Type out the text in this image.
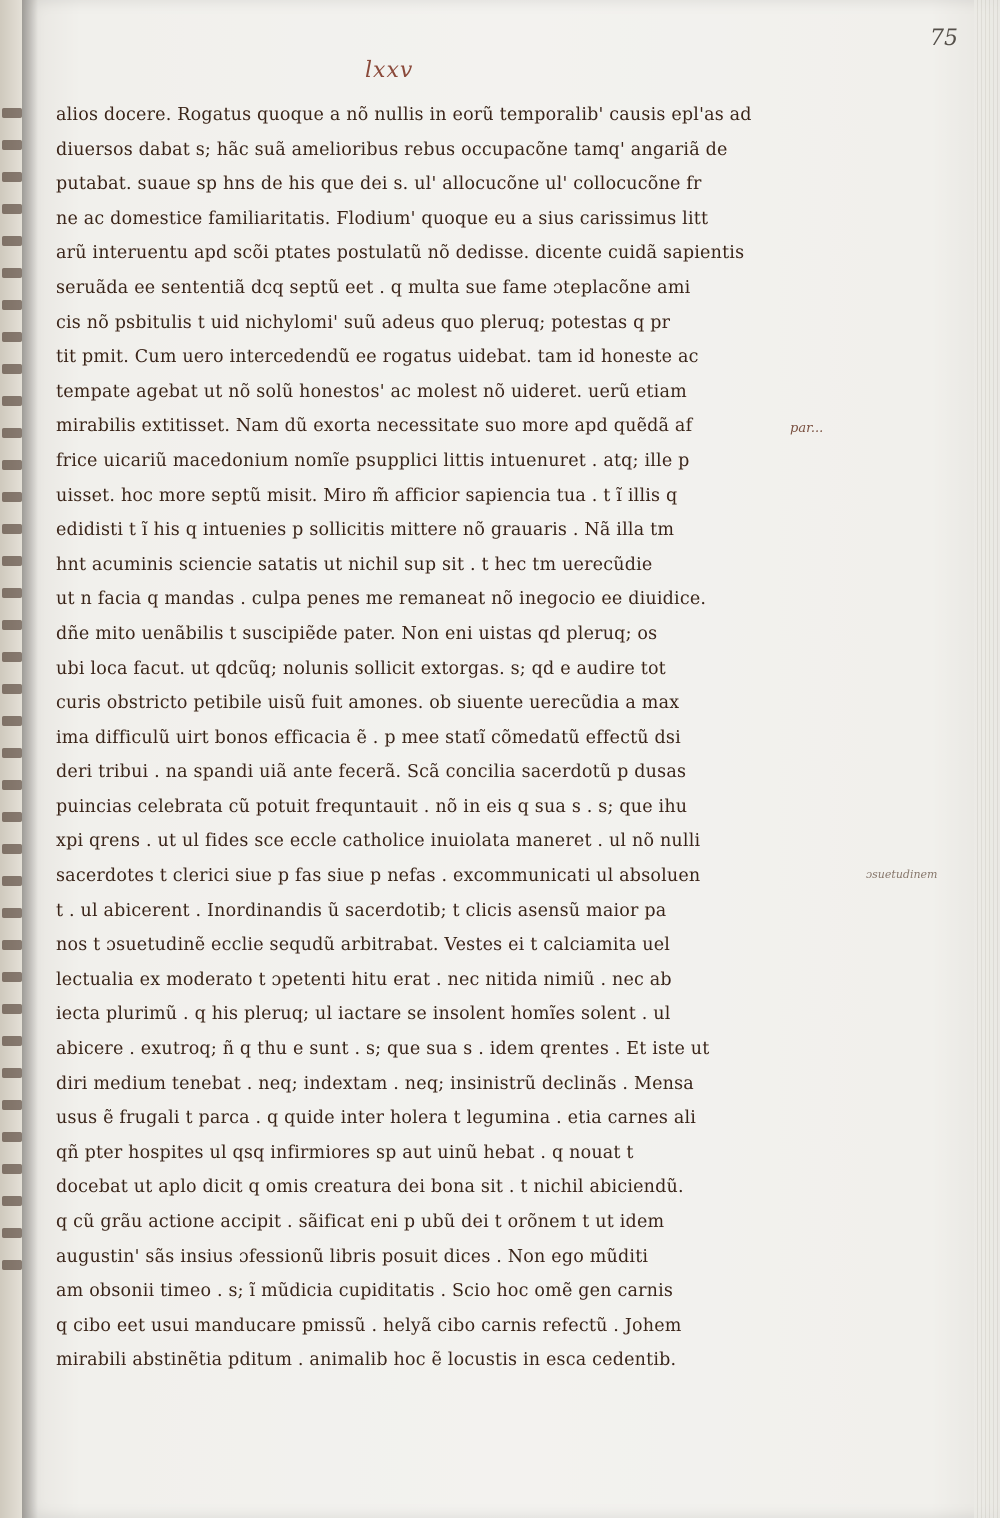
75
lxxv

alios docere. Rogatus quoque a nõ nullis in eorũ temporalib' causis epl'as ad

diuersos dabat s; hãc suã amelioribus rebus occupacõne tamq' angariã de

putabat. suaue sp hns de his que dei s. ul' allocucõne ul' collocucõne fr

ne ac domestice familiaritatis. Flodium' quoque eu a sius carissimus litt

arũ interuentu apd scõi ptates postulatũ nõ dedisse. dicente cuidã sapientis

seruãda ee sententiã dcq septũ eet . q multa sue fame ɔteplacõne ami

cis nõ psbitulis t uid nichylomi' suũ adeus quo pleruq; potestas q pr

tit pmit. Cum uero intercedendũ ee rogatus uidebat. tam id honeste ac

tempate agebat ut nõ solũ honestos' ac molest nõ uideret. uerũ etiam

mirabilis extitisset. Nam dũ exorta necessitate suo more apd quẽdã af

frice uicariũ macedonium nomĩe psupplici littis intuenuret . atq; ille p

uisset. hoc more septũ misit. Miro m̃ afficior sapiencia tua . t ĩ illis q

edidisti t ĩ his q intuenies p sollicitis mittere nõ grauaris . Nã illa tm

hnt acuminis sciencie satatis ut nichil sup sit . t hec tm uerecũdie

ut n facia q mandas . culpa penes me remaneat nõ inegocio ee diuidice.

dñe mito uenãbilis t suscipiẽde pater. Non eni uistas qd pleruq; os

ubi loca facut. ut qdcũq; nolunis sollicit extorgas. s; qd e audire tot

curis obstricto petibile uisũ fuit amones. ob siuente uerecũdia a max

ima difficulũ uirt bonos efficacia ẽ . p mee statĩ cõmedatũ effectũ dsi

deri tribui . na spandi uiã ante fecerã. Scã concilia sacerdotũ p dusas

puincias celebrata cũ potuit frequntauit . nõ in eis q sua s . s; que ihu

xpi qrens . ut ul fides sce eccle catholice inuiolata maneret . ul nõ nulli

sacerdotes t clerici siue p fas siue p nefas . excommunicati ul absoluen

t . ul abicerent . Inordinandis ũ sacerdotib; t clicis asensũ maior pa

nos t ɔsuetudinẽ ecclie sequdũ arbitrabat. Vestes ei t calciamita uel

lectualia ex moderato t ɔpetenti hitu erat . nec nitida nimiũ . nec ab

iecta plurimũ . q his pleruq; ul iactare se insolent homĩes solent . ul

abicere . exutroq; ñ q thu e sunt . s; que sua s . idem qrentes . Et iste ut

diri medium tenebat . neq; indextam . neq; insinistrũ declinãs . Mensa

usus ẽ frugali t parca . q quide inter holera t legumina . etia carnes ali

qñ pter hospites ul qsq infirmiores sp aut uinũ hebat . q nouat t

docebat ut aplo dicit q omis creatura dei bona sit . t nichil abiciendũ.

q cũ grãu actione accipit . sãificat eni p ubũ dei t orõnem t ut idem

augustin' sãs insius ɔfessionũ libris posuit dices . Non ego mũditi

am obsonii timeo . s; ĩ mũdicia cupiditatis . Scio hoc omẽ gen carnis

q cibo eet usui manducare pmissũ . helyã cibo carnis refectũ . Johem

mirabili abstinẽtia pditum . animalib hoc ẽ locustis in esca cedentib.

par...
ɔsuetudinem
